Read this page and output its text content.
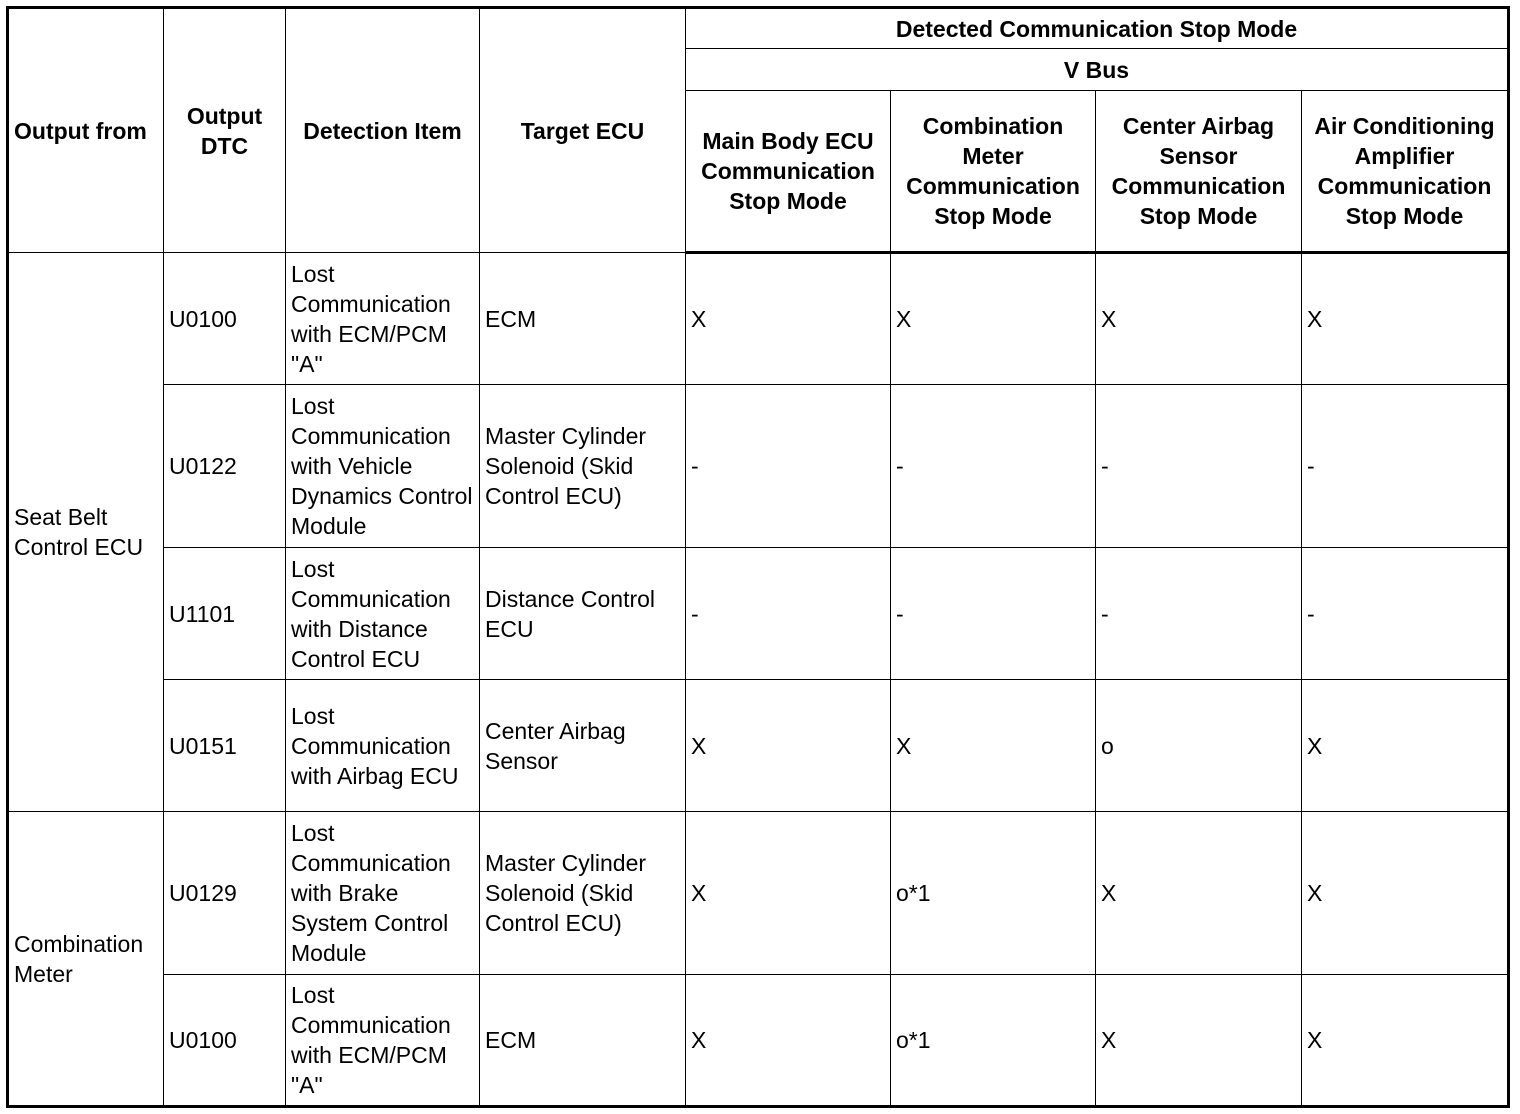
Output from	Output DTC	Detection Item	Target ECU	Detected Communication Stop Mode			
				V Bus			
				Main Body ECU Communication Stop Mode	Combination Meter Communication Stop Mode	Center Airbag Sensor Communication Stop Mode	Air Conditioning Amplifier Communication Stop Mode
Seat Belt Control ECU	U0100	Lost Communication with ECM/PCM "A"	ECM	X	X	X	X
	U0122	Lost Communication with Vehicle Dynamics Control Module	Master Cylinder Solenoid (Skid Control ECU)	-	-	-	-
	U1101	Lost Communication with Distance Control ECU	Distance Control ECU	-	-	-	-
	U0151	Lost Communication with Airbag ECU	Center Airbag Sensor	X	X	o	X
Combination Meter	U0129	Lost Communication with Brake System Control Module	Master Cylinder Solenoid (Skid Control ECU)	X	o*1	X	X
	U0100	Lost Communication with ECM/PCM "A"	ECM	X	o*1	X	X
